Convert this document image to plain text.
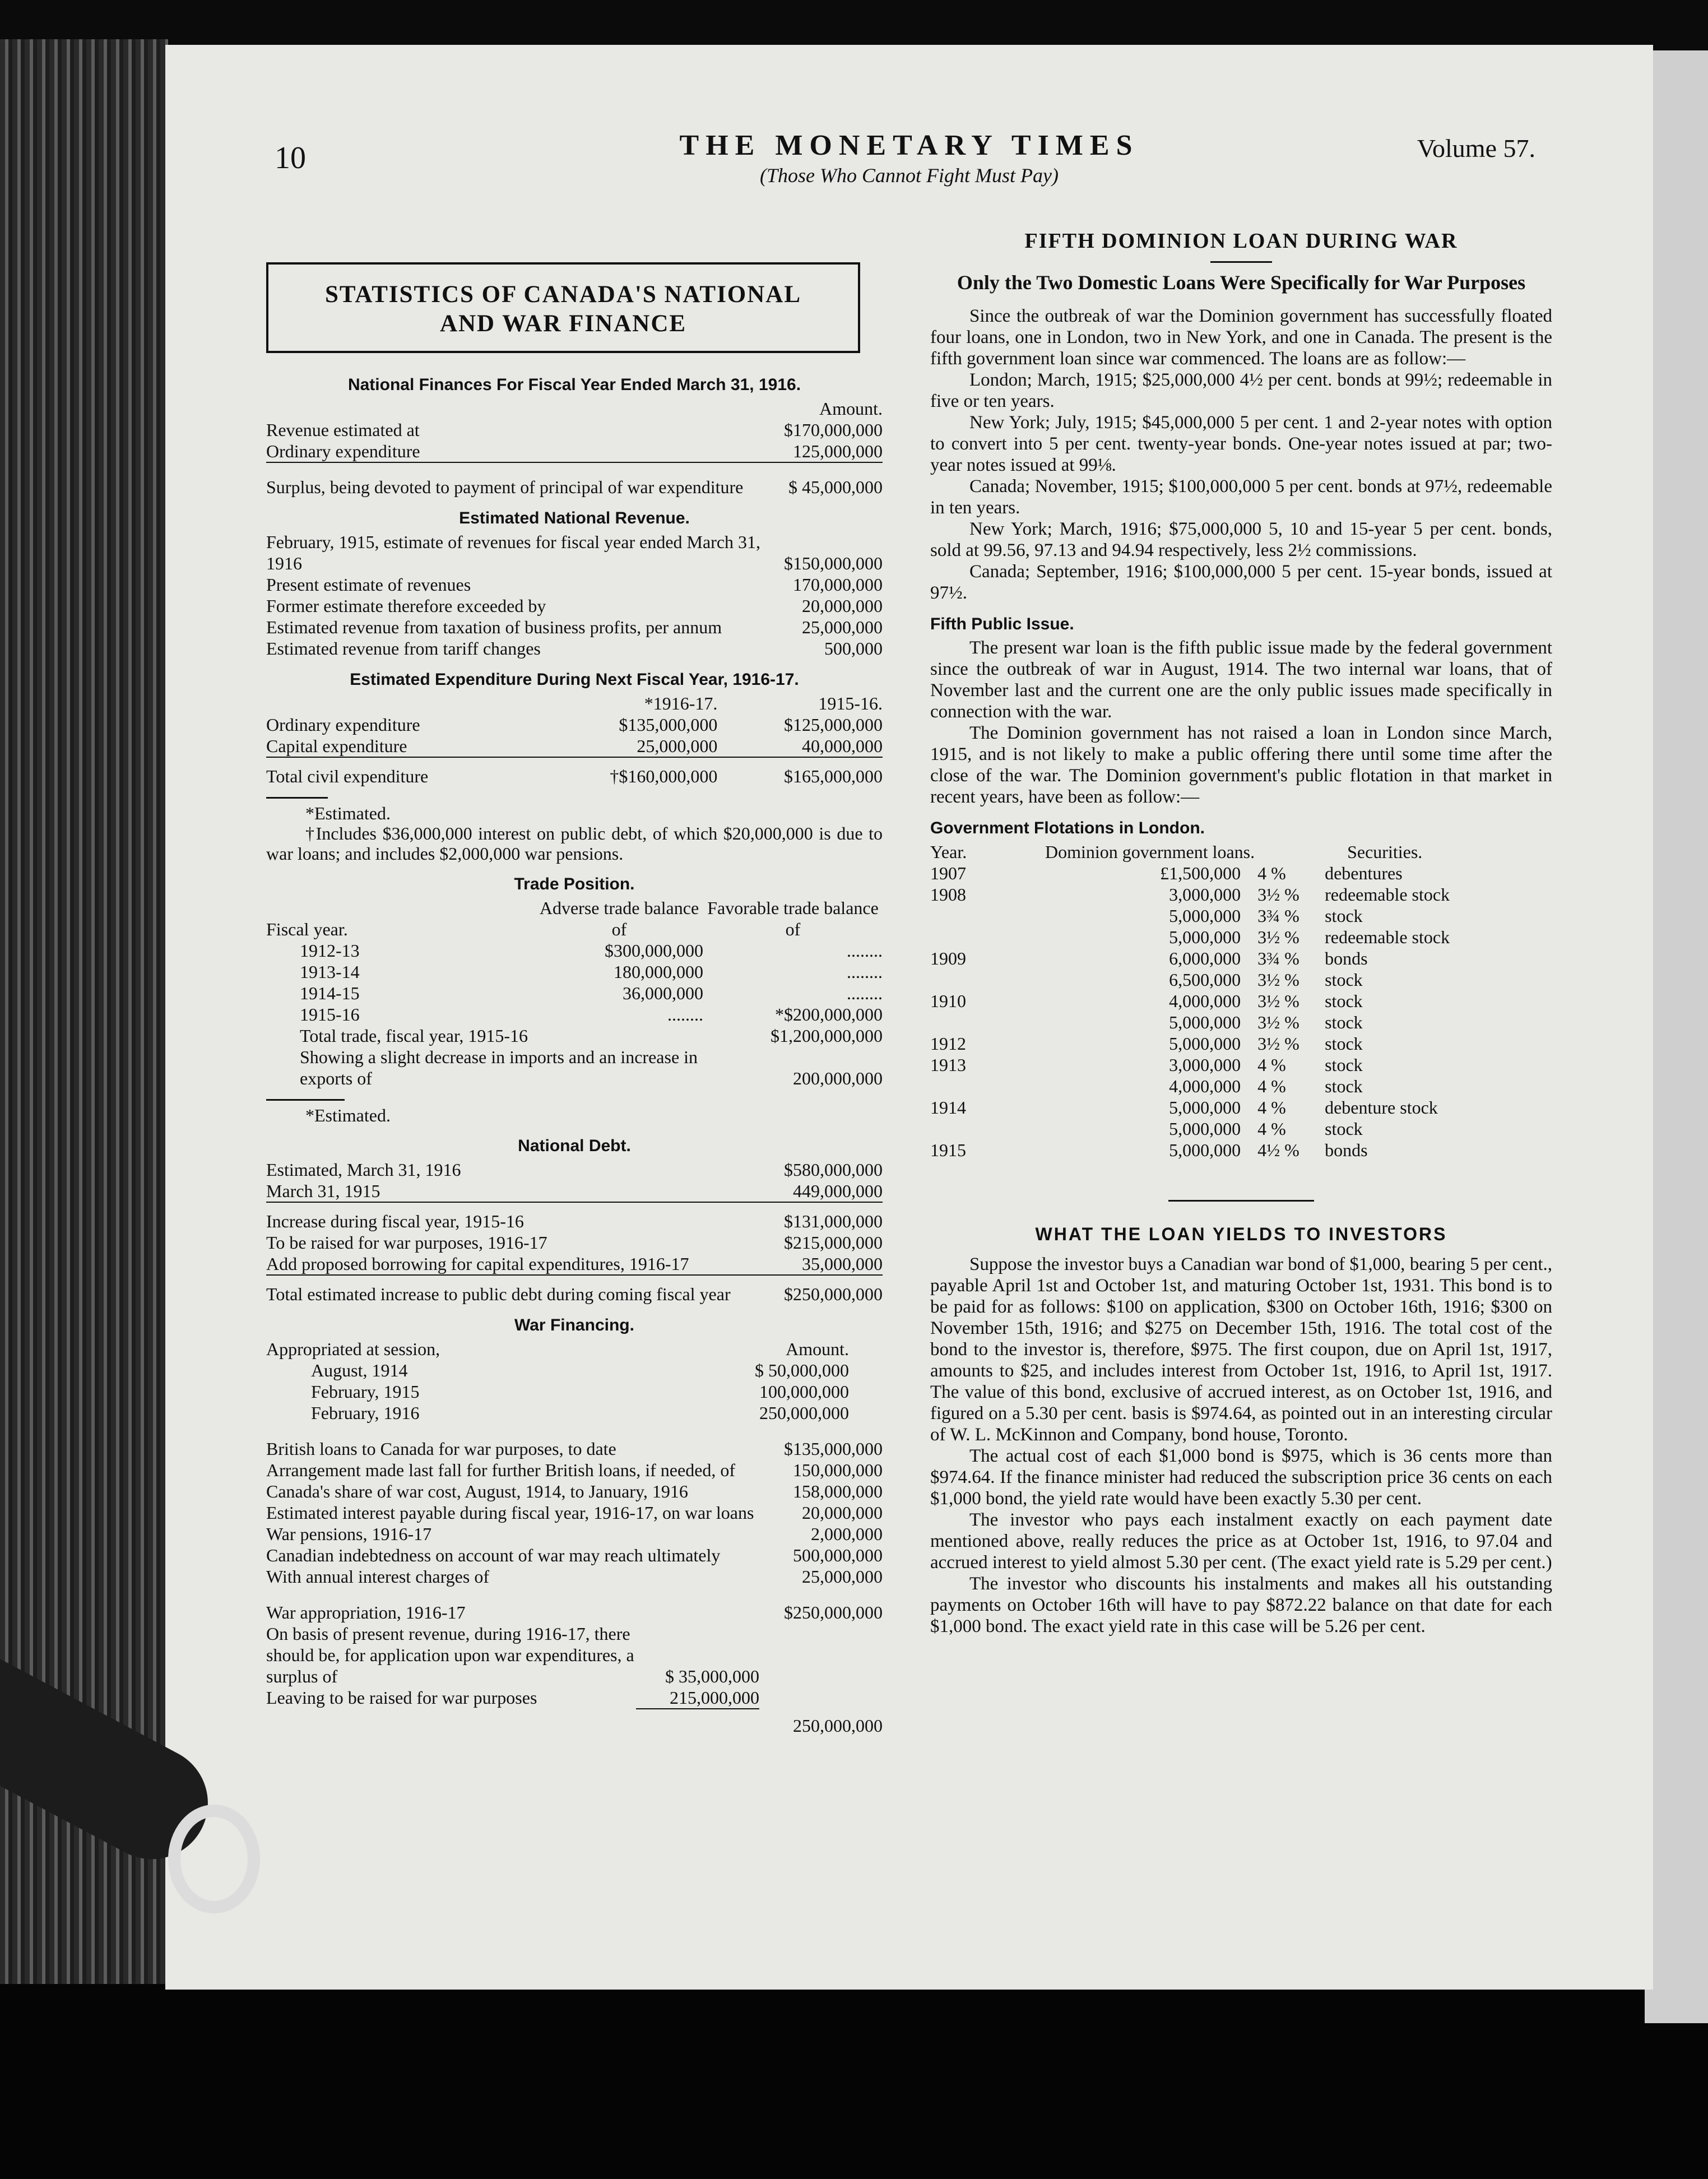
10	THE MONETARY TIMES
(Those Who Cannot Fight Must Pay)
Volume 57.
STATISTICS OF CANADA'S NATIONAL
AND WAR FINANCE
National Finances For Fiscal Year Ended March 31, 1916.
	Amount.
Revenue estimated at	$170,000,000
Ordinary expenditure	125,000,000

Surplus, being devoted to payment of principal of war expenditure	$ 45,000,000
Estimated National Revenue.
February, 1915, estimate of revenues for fiscal year ended March 31, 1916	$150,000,000
Present estimate of revenues	170,000,000
Former estimate therefore exceeded by	20,000,000
Estimated revenue from taxation of business profits, per annum	25,000,000
Estimated revenue from tariff changes	500,000
Estimated Expenditure During Next Fiscal Year, 1916-17.
	*1916-17.	1915-16.
Ordinary expenditure	$135,000,000	$125,000,000
Capital expenditure	25,000,000	40,000,000

Total civil expenditure	†$160,000,000	$165,000,000

*Estimated.

†Includes $36,000,000 interest on public debt, of which $20,000,000 is due to war loans; and includes $2,000,000 war pensions.

Trade Position.
Fiscal year.	Adverse trade balance of	Favorable trade balance of
1912-13	$300,000,000	........
1913-14	180,000,000	........
1914-15	36,000,000	........
1915-16	........	*$200,000,000
Total trade, fiscal year, 1915-16		$1,200,000,000
Showing a slight decrease in imports and an increase in exports of		200,000,000

*Estimated.

National Debt.
Estimated, March 31, 1916	$580,000,000
March 31, 1915	449,000,000

Increase during fiscal year, 1915-16	$131,000,000
To be raised for war purposes, 1916-17	$215,000,000
Add proposed borrowing for capital expenditures, 1916-17	35,000,000

Total estimated increase to public debt during coming fiscal year	$250,000,000
War Financing.
Appropriated at session,	Amount.
August, 1914	$ 50,000,000
February, 1915	100,000,000
February, 1916	250,000,000

British loans to Canada for war purposes, to date	$135,000,000
Arrangement made last fall for further British loans, if needed, of	150,000,000
Canada's share of war cost, August, 1914, to January, 1916	158,000,000
Estimated interest payable during fiscal year, 1916-17, on war loans	20,000,000
War pensions, 1916-17	2,000,000
Canadian indebtedness on account of war may reach ultimately	500,000,000
With annual interest charges of	25,000,000

War appropriation, 1916-17	$250,000,000
On basis of present revenue, during 1916-17, there should be, for application upon war expenditures, a surplus of	$ 35,000,000	
Leaving to be raised for war purposes	215,000,000	

		250,000,000
FIFTH DOMINION LOAN DURING WAR
Only the Two Domestic Loans Were Specifically for War Purposes

Since the outbreak of war the Dominion government has successfully floated four loans, one in London, two in New York, and one in Canada. The present is the fifth government loan since war commenced. The loans are as follow:—

London; March, 1915; $25,000,000 4½ per cent. bonds at 99½; redeemable in five or ten years.

New York; July, 1915; $45,000,000 5 per cent. 1 and 2-year notes with option to convert into 5 per cent. twenty-year bonds. One-year notes issued at par; two-year notes issued at 99⅛.

Canada; November, 1915; $100,000,000 5 per cent. bonds at 97½, redeemable in ten years.

New York; March, 1916; $75,000,000 5, 10 and 15-year 5 per cent. bonds, sold at 99.56, 97.13 and 94.94 respectively, less 2½ commissions.

Canada; September, 1916; $100,000,000 5 per cent. 15-year bonds, issued at 97½.

Fifth Public Issue.

The present war loan is the fifth public issue made by the federal government since the outbreak of war in August, 1914. The two internal war loans, that of November last and the current one are the only public issues made specifically in connection with the war.

The Dominion government has not raised a loan in London since March, 1915, and is not likely to make a public offering there until some time after the close of the war. The Dominion government's public flotation in that market in recent years, have been as follow:—

Government Flotations in London.
Year.	Dominion government loans.		Securities.
1907	£1,500,000	4 %	debentures
1908	3,000,000	3½ %	redeemable stock
	5,000,000	3¾ %	stock
	5,000,000	3½ %	redeemable stock
1909	6,000,000	3¾ %	bonds
	6,500,000	3½ %	stock
1910	4,000,000	3½ %	stock
	5,000,000	3½ %	stock
1912	5,000,000	3½ %	stock
1913	3,000,000	4 %	stock
	4,000,000	4 %	stock
1914	5,000,000	4 %	debenture stock
	5,000,000	4 %	stock
1915	5,000,000	4½ %	bonds
WHAT THE LOAN YIELDS TO INVESTORS

Suppose the investor buys a Canadian war bond of $1,000, bearing 5 per cent., payable April 1st and October 1st, and maturing October 1st, 1931. This bond is to be paid for as follows: $100 on application, $300 on October 16th, 1916; $300 on November 15th, 1916; and $275 on December 15th, 1916. The total cost of the bond to the investor is, therefore, $975. The first coupon, due on April 1st, 1917, amounts to $25, and includes interest from October 1st, 1916, to April 1st, 1917. The value of this bond, exclusive of accrued interest, as on October 1st, 1916, and figured on a 5.30 per cent. basis is $974.64, as pointed out in an interesting circular of W. L. McKinnon and Company, bond house, Toronto.

The actual cost of each $1,000 bond is $975, which is 36 cents more than $974.64. If the finance minister had reduced the subscription price 36 cents on each $1,000 bond, the yield rate would have been exactly 5.30 per cent.

The investor who pays each instalment exactly on each payment date mentioned above, really reduces the price as at October 1st, 1916, to 97.04 and accrued interest to yield almost 5.30 per cent. (The exact yield rate is 5.29 per cent.)

The investor who discounts his instalments and makes all his outstanding payments on October 16th will have to pay $872.22 balance on that date for each $1,000 bond. The exact yield rate in this case will be 5.26 per cent.
